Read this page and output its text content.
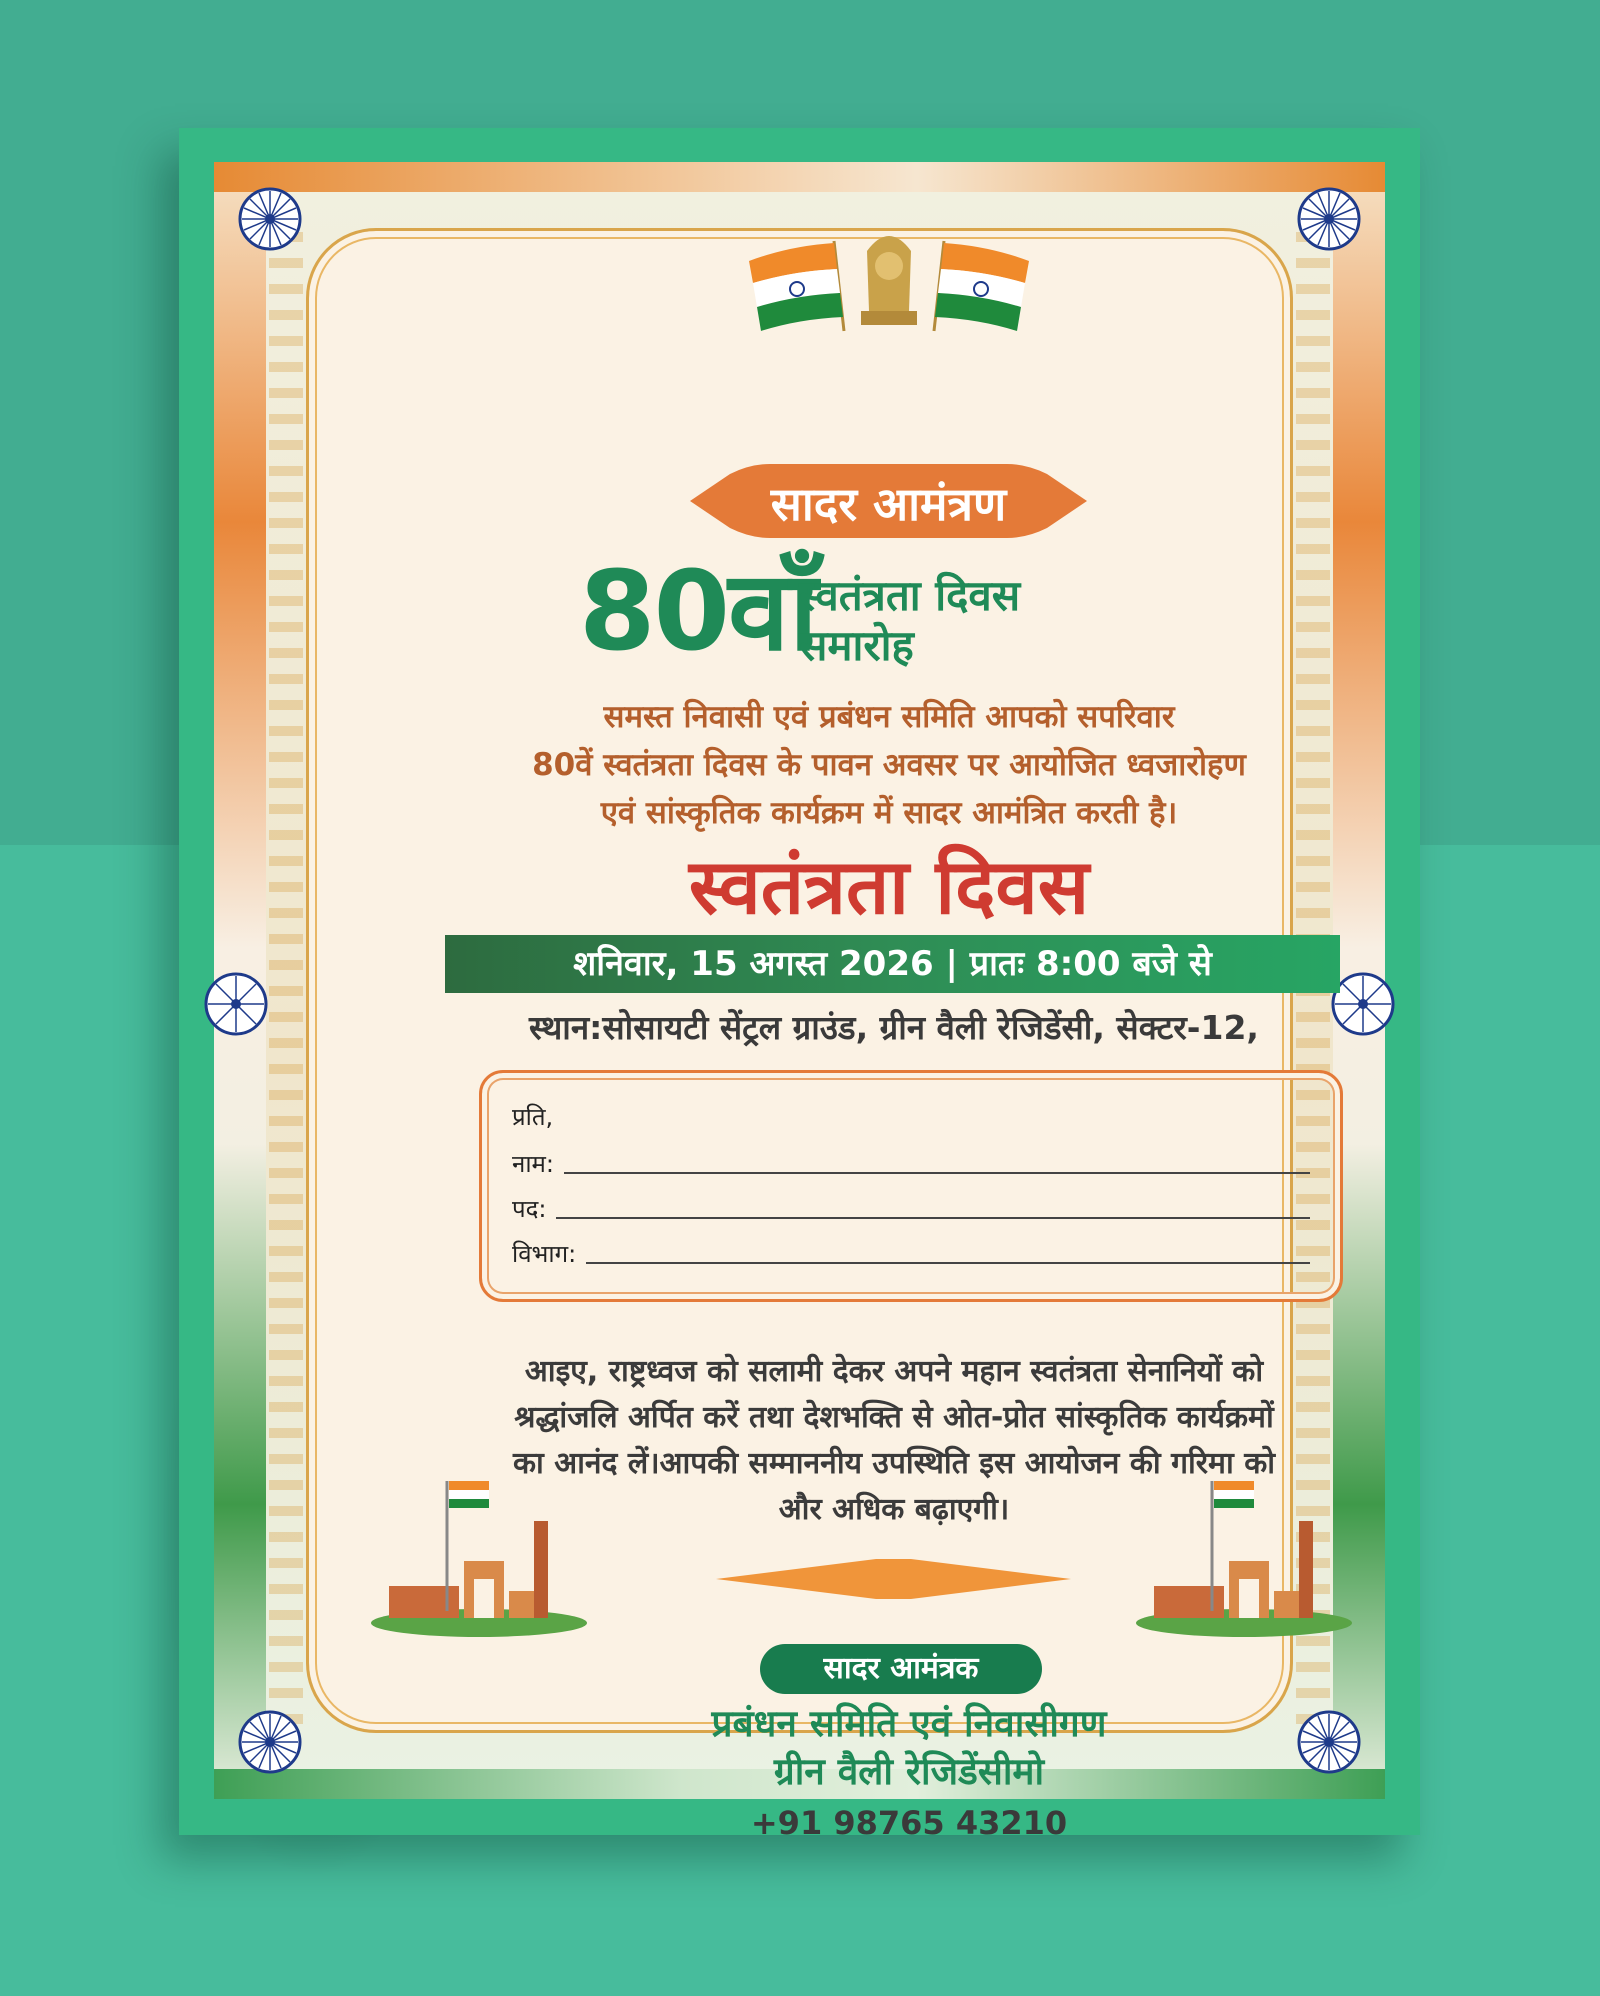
सादर आमंत्रण
80वाँ
स्वतंत्रता दिवस
समारोह
समस्त निवासी एवं प्रबंधन समिति आपको सपरिवार
80वें स्वतंत्रता दिवस के पावन अवसर पर आयोजित ध्वजारोहण
एवं सांस्कृतिक कार्यक्रम में सादर आमंत्रित करती है।
स्वतंत्रता दिवस
शनिवार, 15 अगस्त 2026 | प्रातः 8:00 बजे से
स्थान:सोसायटी सेंट्रल ग्राउंड, ग्रीन वैली रेजिडेंसी, सेक्टर-12,
प्रति,
नाम:
पद:
विभाग:
आइए, राष्ट्रध्वज को सलामी देकर अपने महान स्वतंत्रता सेनानियों को
श्रद्धांजलि अर्पित करें तथा देशभक्ति से ओत-प्रोत सांस्कृतिक कार्यक्रमों
का आनंद लें।आपकी सम्माननीय उपस्थिति इस आयोजन की गरिमा को
और अधिक बढ़ाएगी।
सादर आमंत्रक
प्रबंधन समिति एवं निवासीगण
ग्रीन वैली रेजिडेंसीमो
+91 98765 43210
